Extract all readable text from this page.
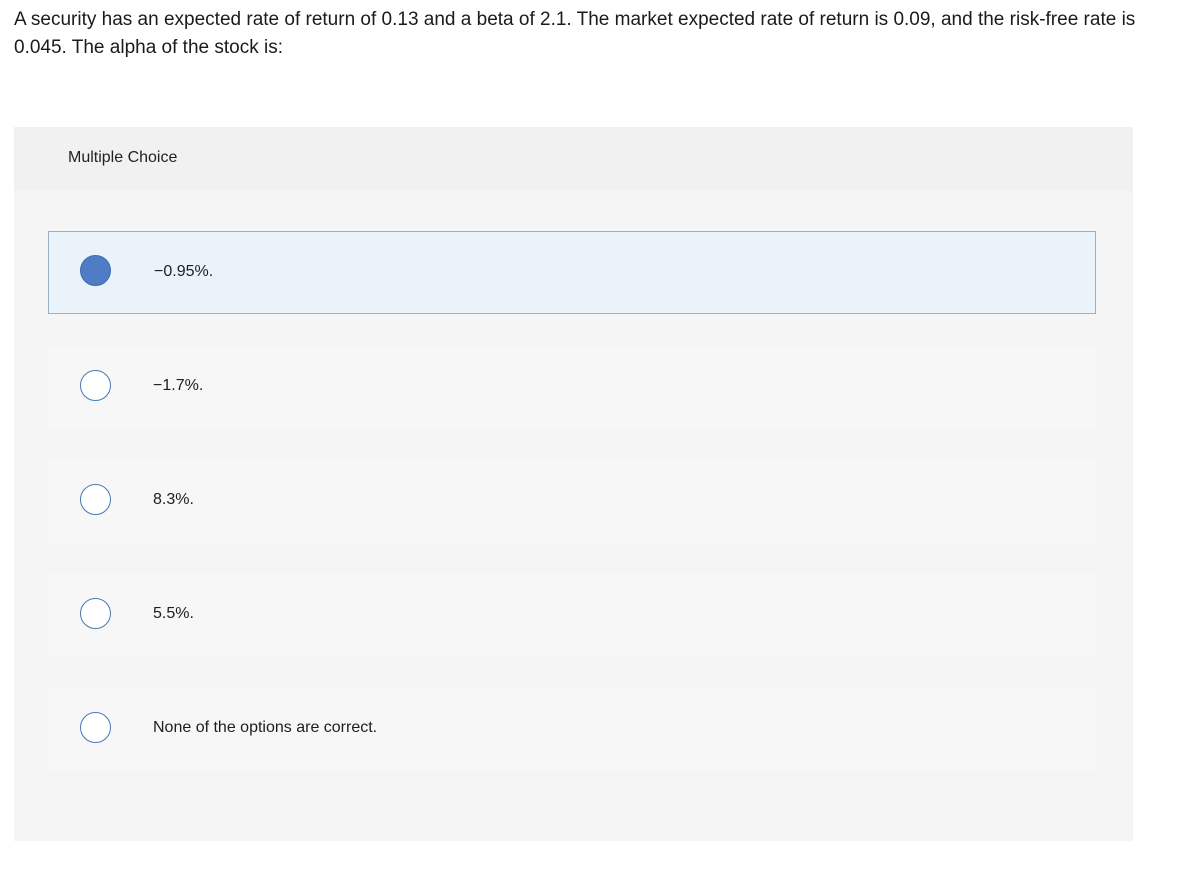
A security has an expected rate of return of 0.13 and a beta of 2.1. The market expected rate of return is 0.09, and the risk-free rate is 0.045. The alpha of the stock is:
Multiple Choice
−0.95%.
−1.7%.
8.3%.
5.5%.
None of the options are correct.
